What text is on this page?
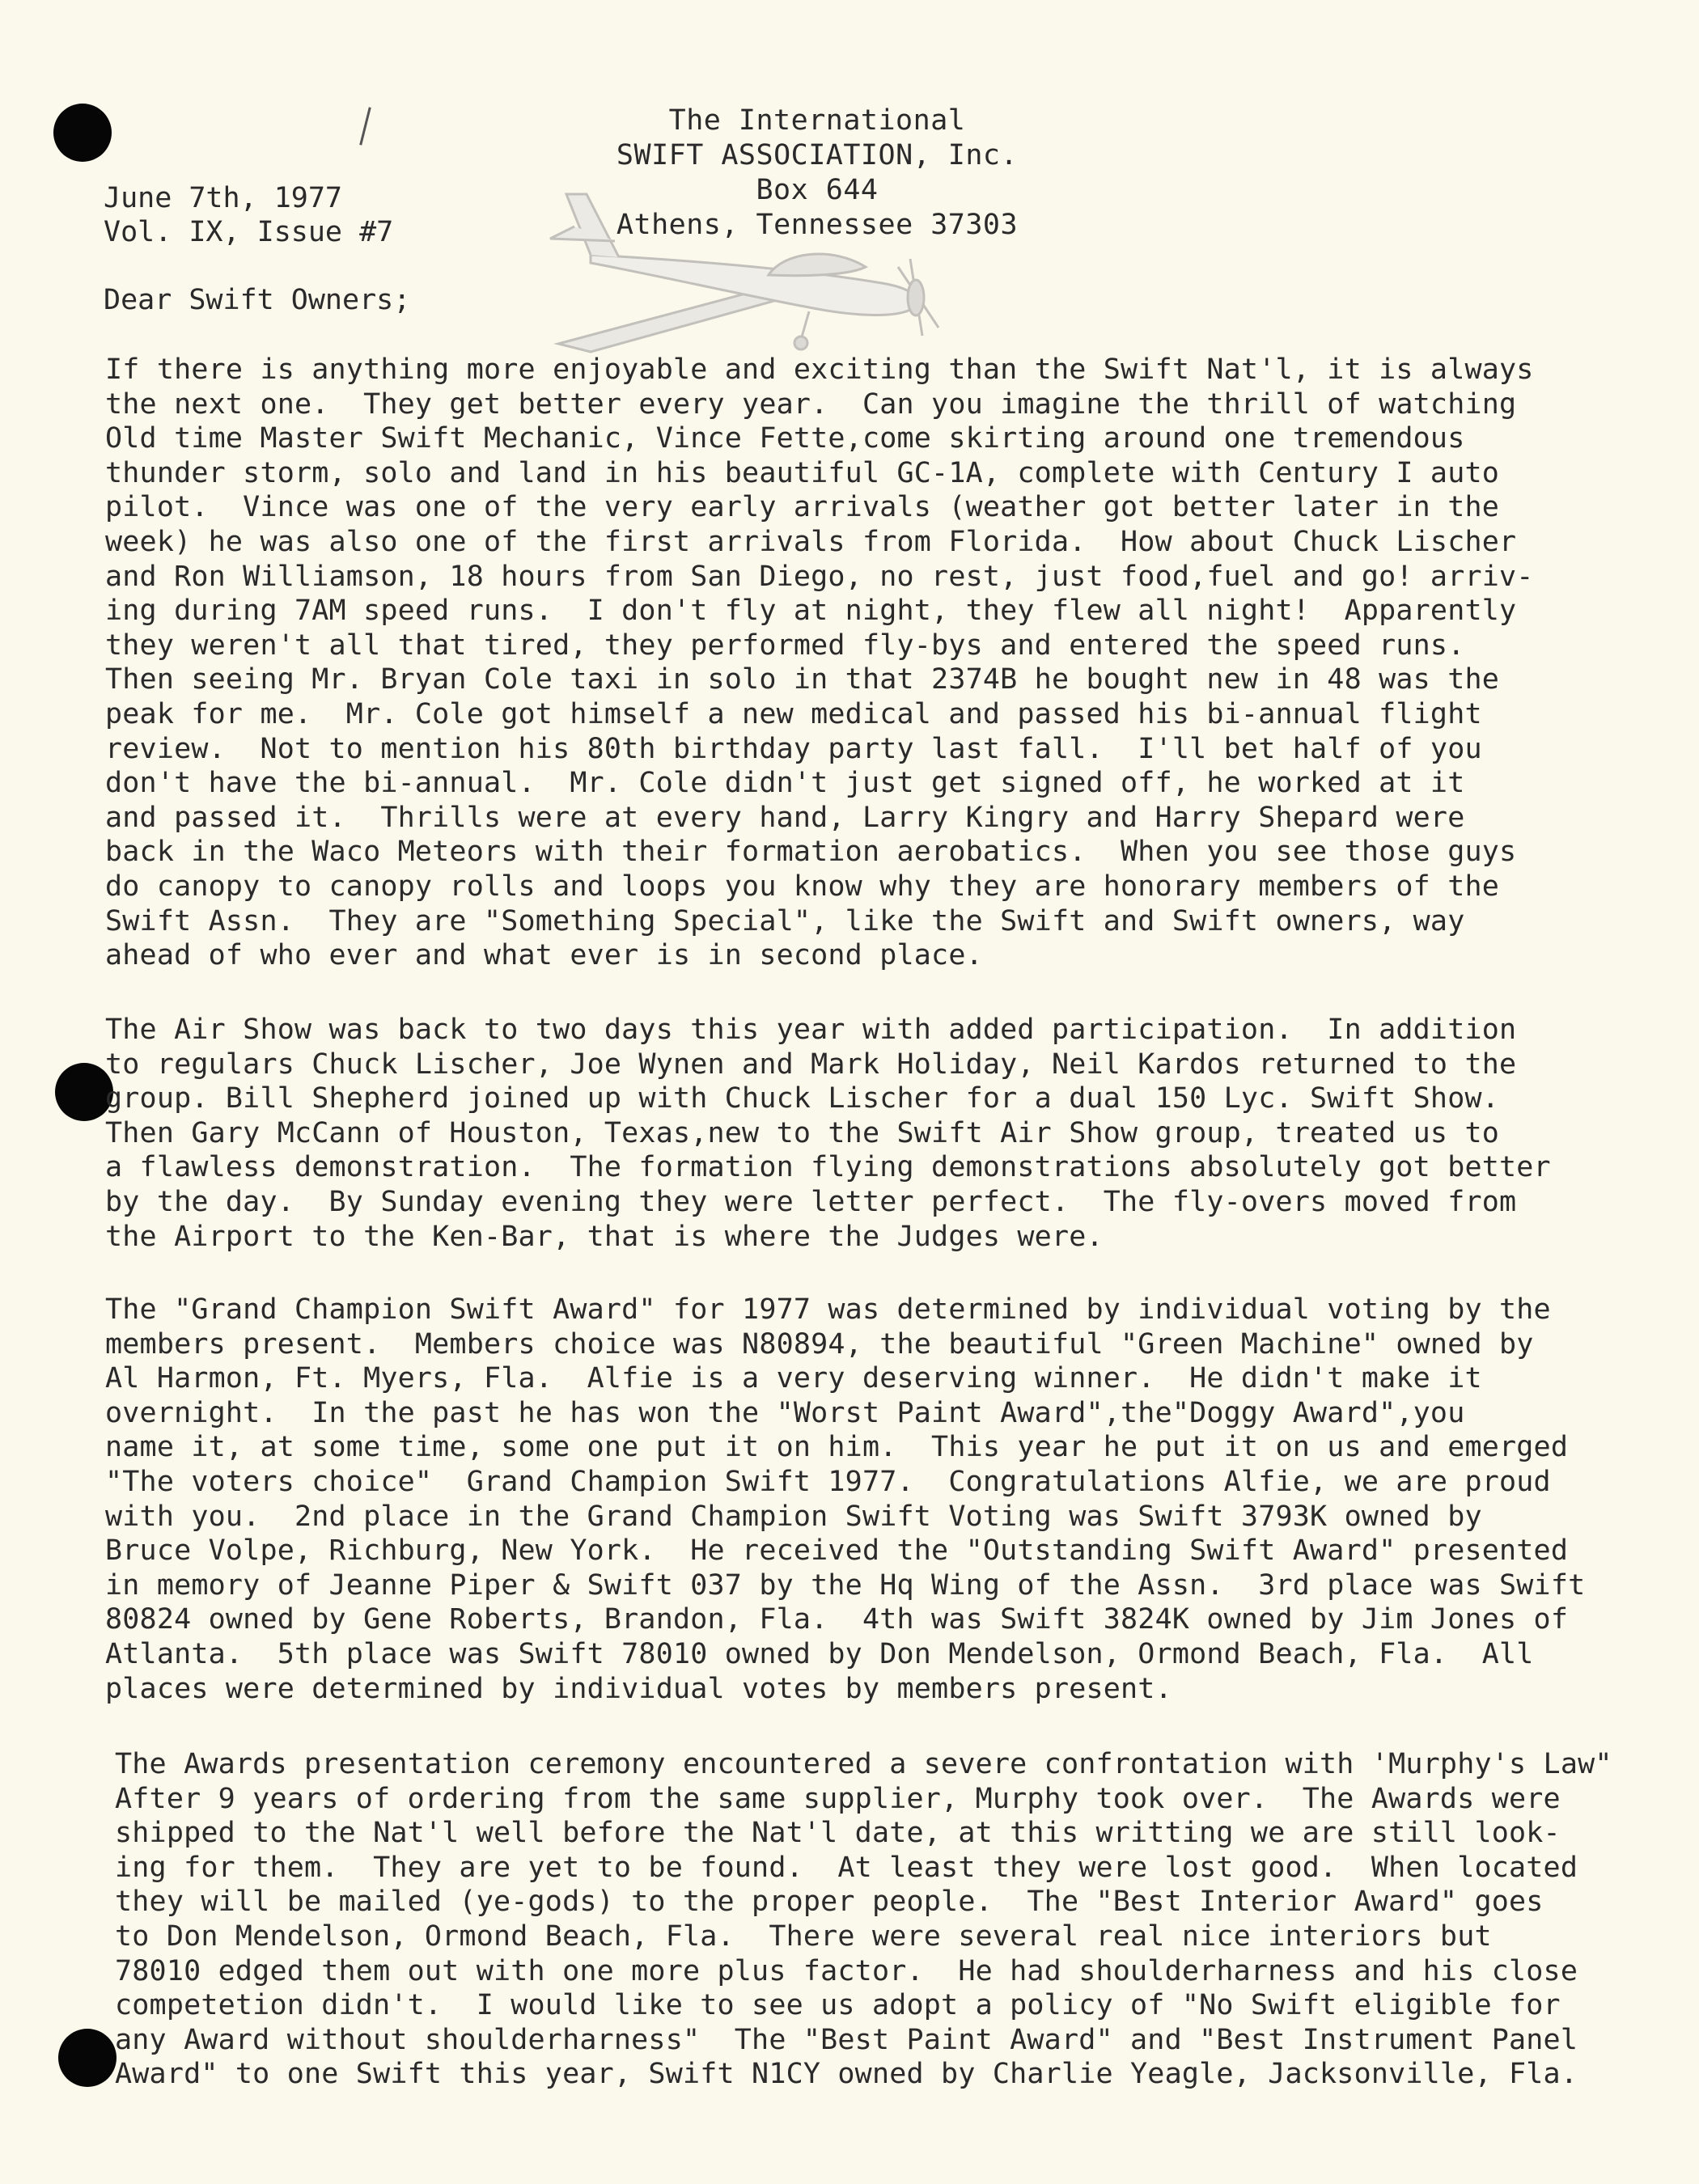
The International
SWIFT ASSOCIATION, Inc.
Box 644
Athens, Tennessee 37303
June 7th, 1977
Vol. IX, Issue #7
Dear Swift Owners;
If there is anything more enjoyable and exciting than the Swift Nat'l, it is always
the next one.  They get better every year.  Can you imagine the thrill of watching
Old time Master Swift Mechanic, Vince Fette,come skirting around one tremendous
thunder storm, solo and land in his beautiful GC-1A, complete with Century I auto
pilot.  Vince was one of the very early arrivals (weather got better later in the
week) he was also one of the first arrivals from Florida.  How about Chuck Lischer
and Ron Williamson, 18 hours from San Diego, no rest, just food,fuel and go! arriv-
ing during 7AM speed runs.  I don't fly at night, they flew all night!  Apparently
they weren't all that tired, they performed fly-bys and entered the speed runs.
Then seeing Mr. Bryan Cole taxi in solo in that 2374B he bought new in 48 was the
peak for me.  Mr. Cole got himself a new medical and passed his bi-annual flight
review.  Not to mention his 80th birthday party last fall.  I'll bet half of you
don't have the bi-annual.  Mr. Cole didn't just get signed off, he worked at it
and passed it.  Thrills were at every hand, Larry Kingry and Harry Shepard were
back in the Waco Meteors with their formation aerobatics.  When you see those guys
do canopy to canopy rolls and loops you know why they are honorary members of the
Swift Assn.  They are "Something Special", like the Swift and Swift owners, way
ahead of who ever and what ever is in second place.
The Air Show was back to two days this year with added participation.  In addition
to regulars Chuck Lischer, Joe Wynen and Mark Holiday, Neil Kardos returned to the
group. Bill Shepherd joined up with Chuck Lischer for a dual 150 Lyc. Swift Show.
Then Gary McCann of Houston, Texas,new to the Swift Air Show group, treated us to
a flawless demonstration.  The formation flying demonstrations absolutely got better
by the day.  By Sunday evening they were letter perfect.  The fly-overs moved from
the Airport to the Ken-Bar, that is where the Judges were.
The "Grand Champion Swift Award" for 1977 was determined by individual voting by the
members present.  Members choice was N80894, the beautiful "Green Machine" owned by
Al Harmon, Ft. Myers, Fla.  Alfie is a very deserving winner.  He didn't make it
overnight.  In the past he has won the "Worst Paint Award",the"Doggy Award",you
name it, at some time, some one put it on him.  This year he put it on us and emerged
"The voters choice"  Grand Champion Swift 1977.  Congratulations Alfie, we are proud
with you.  2nd place in the Grand Champion Swift Voting was Swift 3793K owned by
Bruce Volpe, Richburg, New York.  He received the "Outstanding Swift Award" presented
in memory of Jeanne Piper & Swift 037 by the Hq Wing of the Assn.  3rd place was Swift
80824 owned by Gene Roberts, Brandon, Fla.  4th was Swift 3824K owned by Jim Jones of
Atlanta.  5th place was Swift 78010 owned by Don Mendelson, Ormond Beach, Fla.  All
places were determined by individual votes by members present.
The Awards presentation ceremony encountered a severe confrontation with 'Murphy's Law"
After 9 years of ordering from the same supplier, Murphy took over.  The Awards were
shipped to the Nat'l well before the Nat'l date, at this writting we are still look-
ing for them.  They are yet to be found.  At least they were lost good.  When located
they will be mailed (ye-gods) to the proper people.  The "Best Interior Award" goes
to Don Mendelson, Ormond Beach, Fla.  There were several real nice interiors but
78010 edged them out with one more plus factor.  He had shoulderharness and his close
competetion didn't.  I would like to see us adopt a policy of "No Swift eligible for
any Award without shoulderharness"  The "Best Paint Award" and "Best Instrument Panel
Award" to one Swift this year, Swift N1CY owned by Charlie Yeagle, Jacksonville, Fla.
